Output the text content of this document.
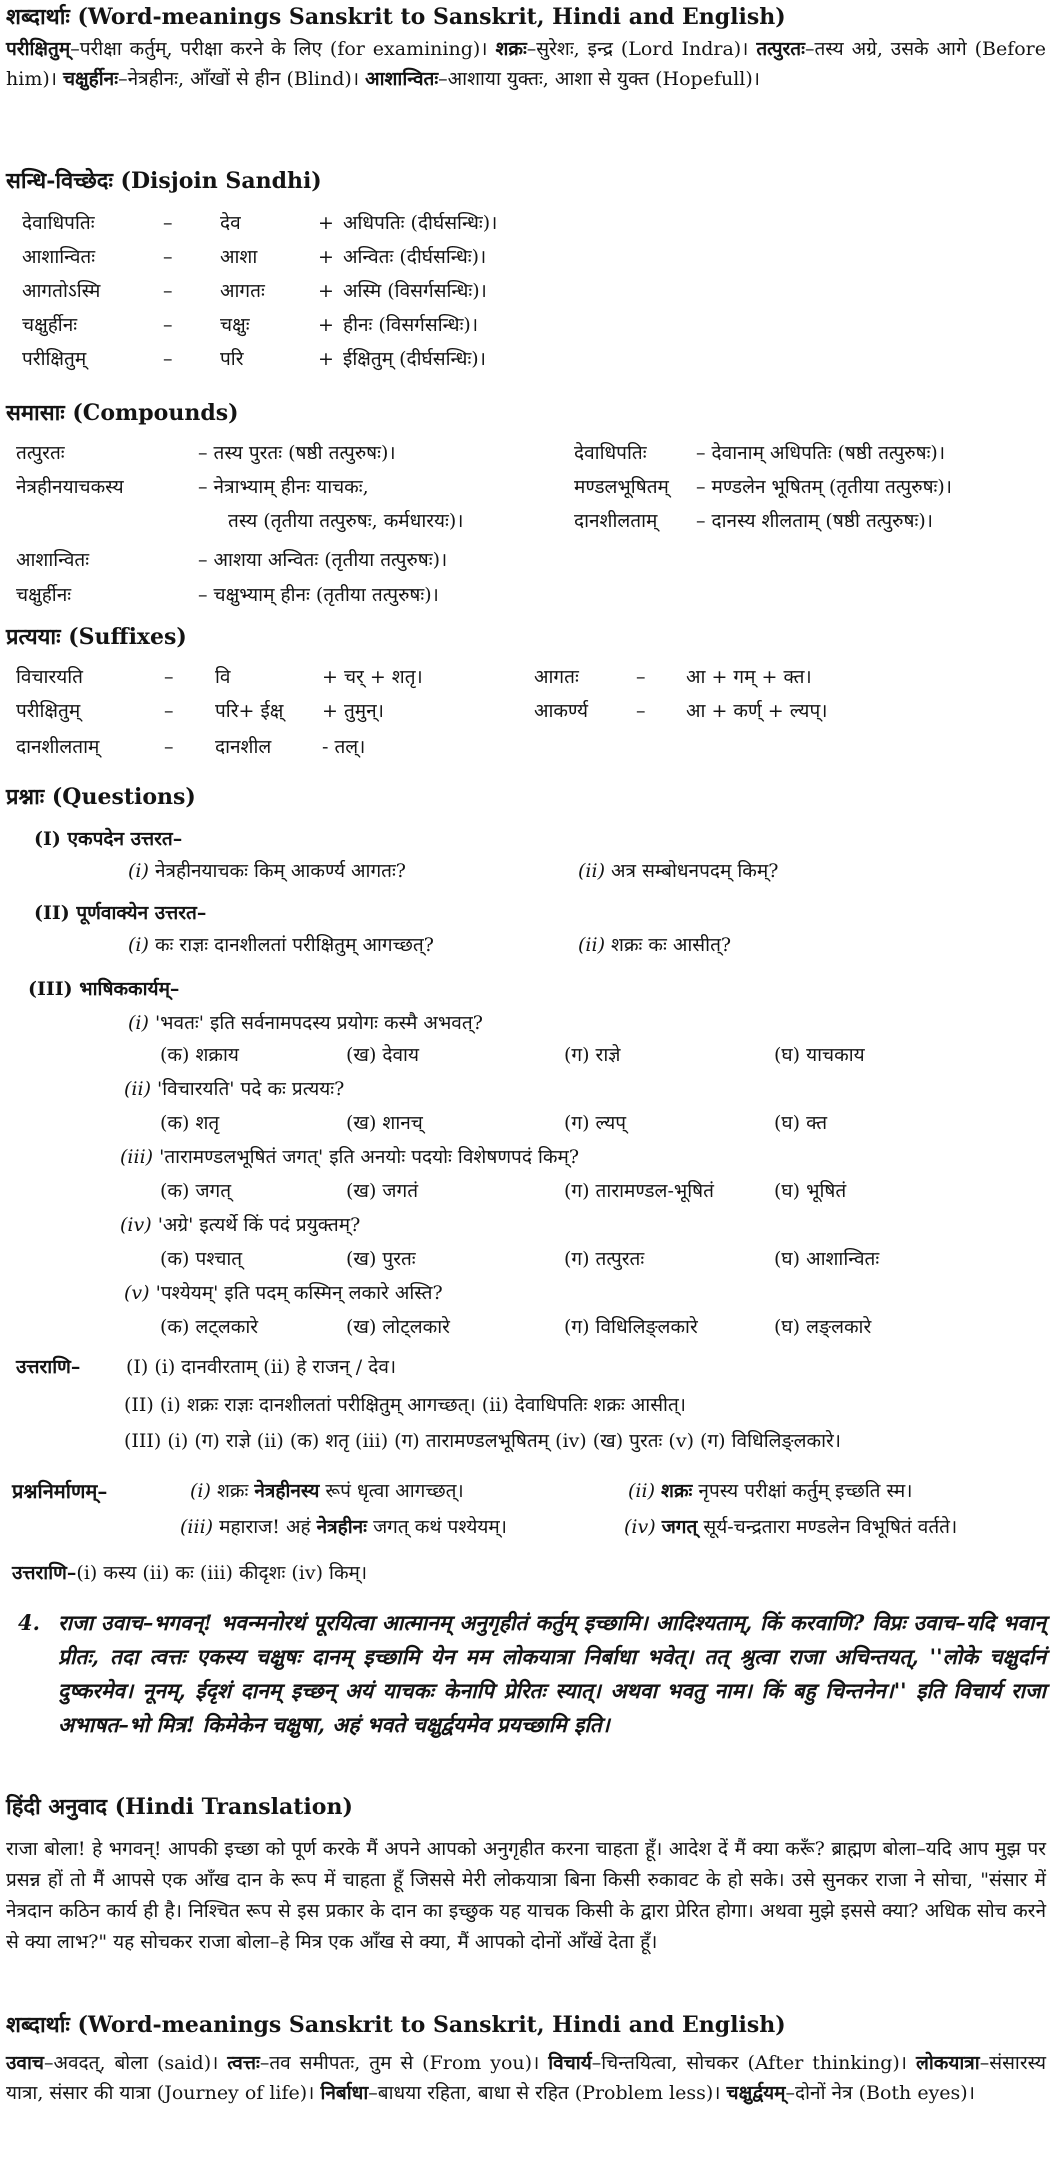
शब्दार्थाः (Word-meanings Sanskrit to Sanskrit, Hindi and English)
परीक्षितुम्–परीक्षा कर्तुम्, परीक्षा करने के लिए (for examining)। शक्रः–सुरेशः, इन्द्र (Lord Indra)। तत्पुरतः–तस्य अग्रे, उसके आगे (Before him)। चक्षुर्हीनः–नेत्रहीनः, आँखों से हीन (Blind)। आशान्वितः–आशाया युक्तः, आशा से युक्त (Hopefull)।
सन्धि-विच्छेदः (Disjoin Sandhi)
देवाधिपतिः	–	देव	+ अधिपतिः (दीर्घसन्धिः)।
आशान्वितः	–	आशा	+ अन्वितः (दीर्घसन्धिः)।
आगतोऽस्मि	–	आगतः	+ अस्मि (विसर्गसन्धिः)।
चक्षुर्हीनः	–	चक्षुः	+ हीनः (विसर्गसन्धिः)।
परीक्षितुम्	–	परि	+ ईक्षितुम् (दीर्घसन्धिः)।
समासाः (Compounds)
तत्पुरतः	– तस्य पुरतः (षष्ठी तत्पुरुषः)।
नेत्रहीनयाचकस्य	– नेत्राभ्याम् हीनः याचकः,
तस्य (तृतीया तत्पुरुषः, कर्मधारयः)।
आशान्वितः	– आशया अन्वितः (तृतीया तत्पुरुषः)।
चक्षुर्हीनः	– चक्षुभ्याम् हीनः (तृतीया तत्पुरुषः)।
देवाधिपतिः	– देवानाम् अधिपतिः (षष्ठी तत्पुरुषः)।
मण्डलभूषितम् – मण्डलेन भूषितम् (तृतीया तत्पुरुषः)।
दानशीलताम् – दानस्य शीलताम् (षष्ठी तत्पुरुषः)।
प्रत्ययाः (Suffixes)
विचारयति	– वि	+ चर् + शतृ।
परीक्षितुम्	– परि+ ईक्ष् + तुमुन्।
दानशीलताम्	– दानशील	- तल्।
आगतः	– आ + गम् + क्त।
आकर्ण्य	– आ + कर्ण् + ल्यप्।
प्रश्नाः (Questions)
(I) एकपदेन उत्तरत–
(i) नेत्रहीनयाचकः किम् आकर्ण्य आगतः?	(ii) अत्र सम्बोधनपदम् किम्?
(II) पूर्णवाक्येन उत्तरत–
(i) कः राज्ञः दानशीलतां परीक्षितुम् आगच्छत्?	(ii) शक्रः कः आसीत्?
(III) भाषिककार्यम्–
(i) 'भवतः' इति सर्वनामपदस्य प्रयोगः कस्मै अभवत्?
(क) शक्राय	(ख) देवाय	(ग) राज्ञे	(घ) याचकाय
(ii) 'विचारयति' पदे कः प्रत्ययः?
(क) शतृ	(ख) शानच्	(ग) ल्यप्	(घ) क्त
(iii) 'तारामण्डलभूषितं जगत्' इति अनयोः पदयोः विशेषणपदं किम्?
(क) जगत्	(ख) जगतं	(ग) तारामण्डल-भूषितं	(घ) भूषितं
(iv) 'अग्रे' इत्यर्थे किं पदं प्रयुक्तम्?
(क) पश्चात्	(ख) पुरतः	(ग) तत्पुरतः	(घ) आशान्वितः
(v) 'पश्येयम्' इति पदम् कस्मिन् लकारे अस्ति?
(क) लट्लकारे	(ख) लोट्लकारे	(ग) विधिलिङ्लकारे	(घ) लङ्लकारे
उत्तराणि– (I) (i) दानवीरताम् (ii) हे राजन् / देव।
(II) (i) शक्रः राज्ञः दानशीलतां परीक्षितुम् आगच्छत्। (ii) देवाधिपतिः शक्रः आसीत्।
(III) (i) (ग) राज्ञे (ii) (क) शतृ (iii) (ग) तारामण्डलभूषितम् (iv) (ख) पुरतः (v) (ग) विधिलिङ्लकारे।
प्रश्ननिर्माणम्–	(i) शक्रः नेत्रहीनस्य रूपं धृत्वा आगच्छत्।	(ii) शक्रः नृपस्य परीक्षां कर्तुम् इच्छति स्म।
(iii) महाराज! अहं नेत्रहीनः जगत् कथं पश्येयम्।	(iv) जगत् सूर्य-चन्द्रतारा मण्डलेन विभूषितं वर्तते।
उत्तराणि–(i) कस्य (ii) कः (iii) कीदृशः (iv) किम्।
4. राजा उवाच–भगवन्! भवन्मनोरथं पूरयित्वा आत्मानम् अनुगृहीतं कर्तुम् इच्छामि। आदिश्यताम्, किं करवाणि? विप्रः उवाच–यदि भवान् प्रीतः, तदा त्वत्तः एकस्य चक्षुषः दानम् इच्छामि येन मम लोकयात्रा निर्बाधा भवेत्। तत् श्रुत्वा राजा अचिन्तयत्, ''लोके चक्षुर्दानं दुष्करमेव। नूनम्, ईदृशं दानम् इच्छन् अयं याचकः केनापि प्रेरितः स्यात्। अथवा भवतु नाम। किं बहु चिन्तनेन।'' इति विचार्य राजा अभाषत–भो मित्र! किमेकेन चक्षुषा, अहं भवते चक्षुर्द्वयमेव प्रयच्छामि इति।
हिंदी अनुवाद (Hindi Translation)
राजा बोला! हे भगवन्! आपकी इच्छा को पूर्ण करके मैं अपने आपको अनुगृहीत करना चाहता हूँ। आदेश दें मैं क्या करूँ? ब्राह्मण बोला–यदि आप मुझ पर प्रसन्न हों तो मैं आपसे एक आँख दान के रूप में चाहता हूँ जिससे मेरी लोकयात्रा बिना किसी रुकावट के हो सके। उसे सुनकर राजा ने सोचा, "संसार में नेत्रदान कठिन कार्य ही है। निश्चित रूप से इस प्रकार के दान का इच्छुक यह याचक किसी के द्वारा प्रेरित होगा। अथवा मुझे इससे क्या? अधिक सोच करने से क्या लाभ?" यह सोचकर राजा बोला–हे मित्र एक आँख से क्या, मैं आपको दोनों आँखें देता हूँ।
शब्दार्थाः (Word-meanings Sanskrit to Sanskrit, Hindi and English)
उवाच–अवदत्, बोला (said)। त्वत्तः–तव समीपतः, तुम से (From you)। विचार्य–चिन्तयित्वा, सोचकर (After thinking)। लोकयात्रा–संसारस्य यात्रा, संसार की यात्रा (Journey of life)। निर्बाधा–बाधया रहिता, बाधा से रहित (Problem less)। चक्षुर्द्वयम्–दोनों नेत्र (Both eyes)।
